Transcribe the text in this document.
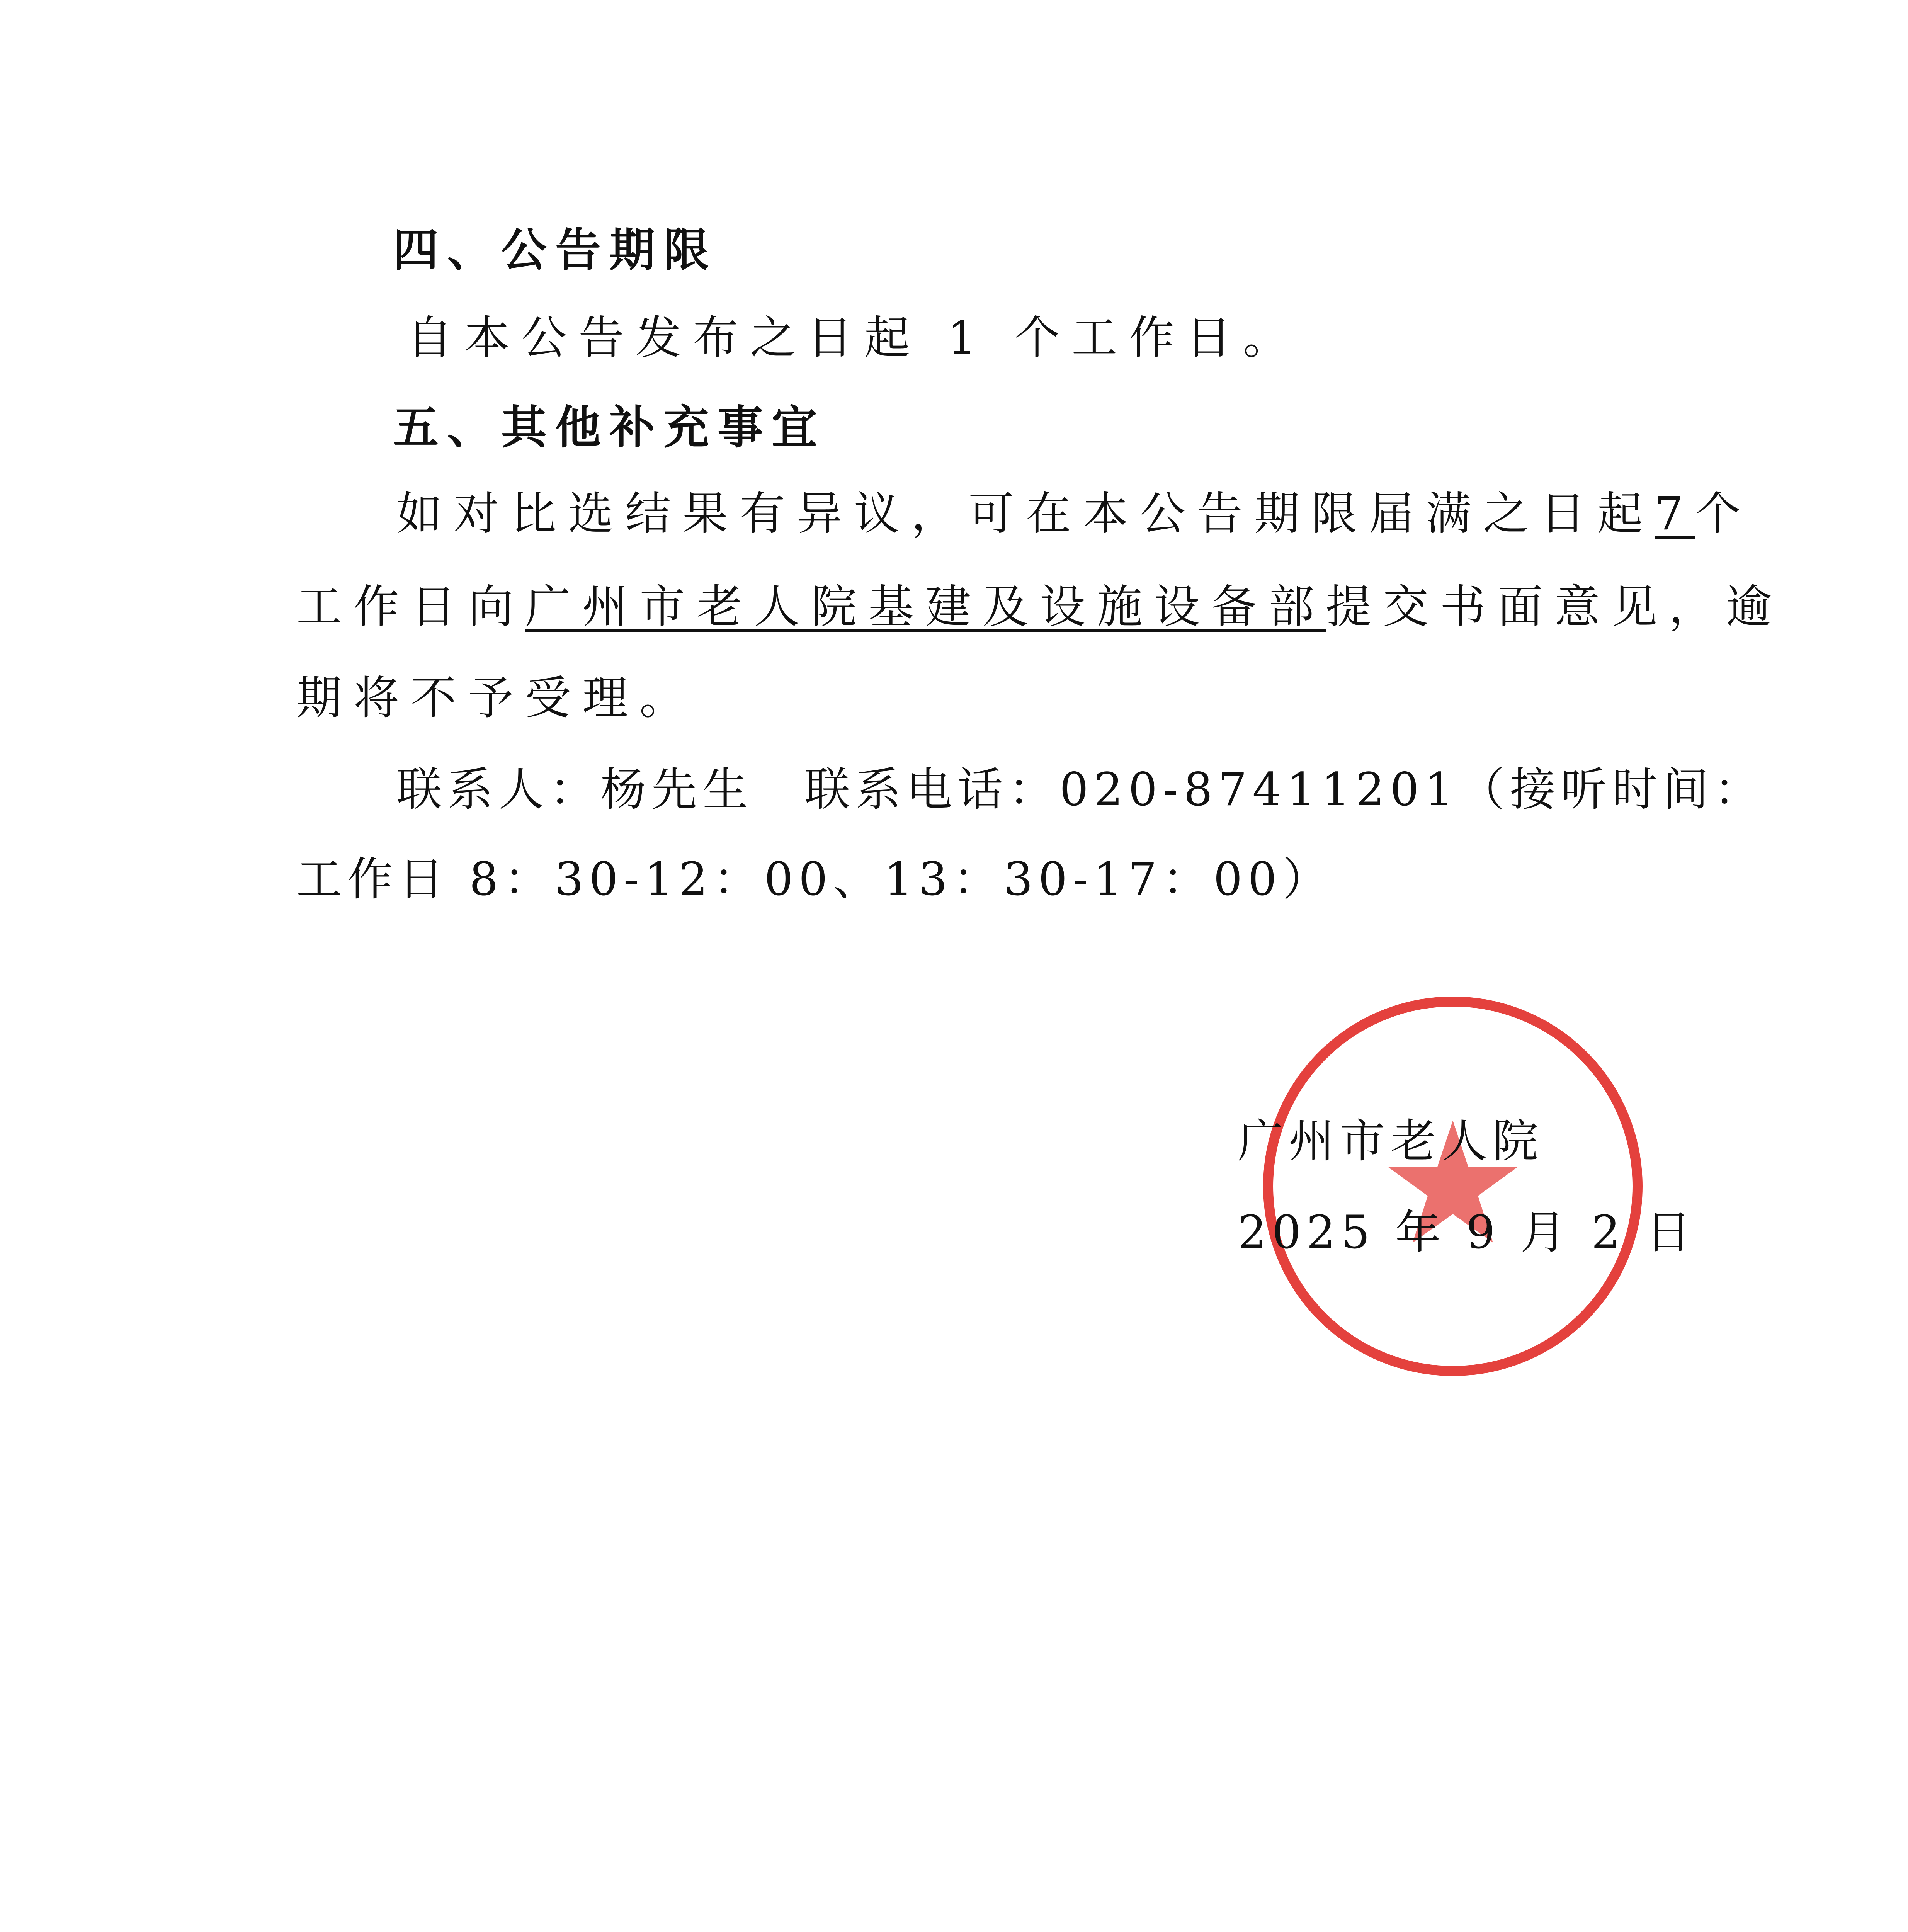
四、公告期限
自本公告发布之日起 1 个工作日。
五、其他补充事宜
如对比选结果有异议，可在本公告期限届满之日起7个
工作日向广州市老人院基建及设施设备部提交书面意见，逾
期将不予受理。
联系人：杨先生　联系电话：020-87411201（接听时间：
工作日 8：30-12：00、13：30-17：00）
广州市老人院
2025 年 9 月 2 日
